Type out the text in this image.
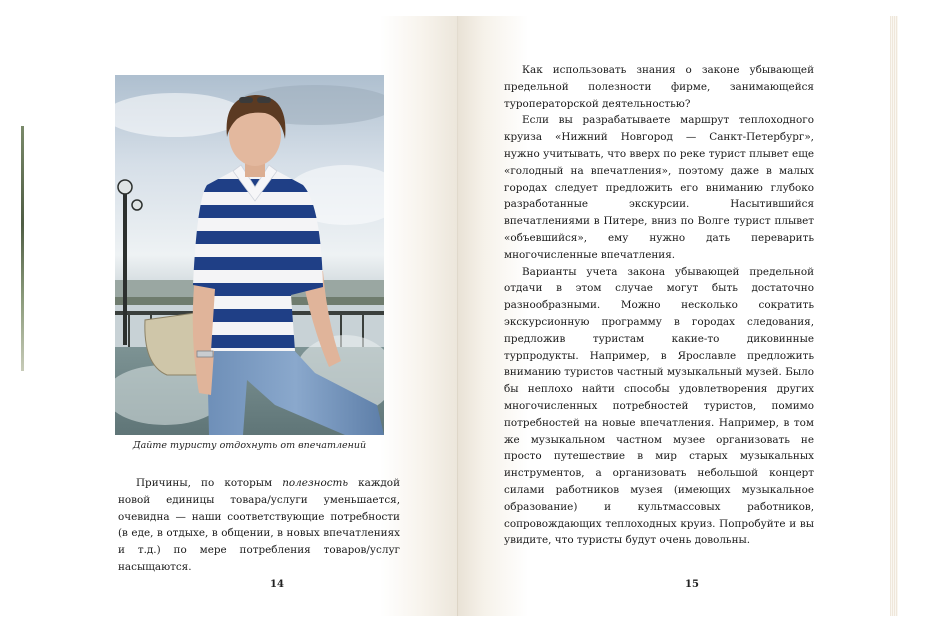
Дайте туристу отдохнуть от впечатлений

Причины, по которым полезность каждой новой единицы товара/услуги уменьшается, очевидна — наши соответствующие потребности (в еде, в отдыхе, в общении, в новых впечатлениях и т.д.) по мере потребления товаров/услуг насыщаются.

14	15

Как использовать знания о законе убывающей предельной полезности фирме, занимающейся туроператорской деятельностью?

Если вы разрабатываете маршрут теплоходного круиза «Нижний Новгород — Санкт-Петербург», нужно учитывать, что вверх по реке турист плывет еще «голодный на впечатления», поэтому даже в малых городах следует предложить его вниманию глубоко разработанные экскурсии. Насытившийся впечатлениями в Питере, вниз по Волге турист плывет «объевшийся», ему нужно дать переварить многочисленные впечатления.

Варианты учета закона убывающей предельной отдачи в этом случае могут быть достаточно разнообразными. Можно несколько сократить экскурсионную программу в городах следования, предложив туристам какие-то диковинные турпродукты. Например, в Ярославле предложить вниманию туристов частный музыкальный музей. Было бы неплохо найти способы удовлетворения других многочисленных потребностей туристов, помимо потребностей на новые впечатления. Например, в том же музыкальном частном музее организовать не просто путешествие в мир старых музыкальных инструментов, а организовать небольшой концерт силами работников музея (имеющих музыкальное образование) и культмассовых работников, сопровождающих теплоходных круиз. Попробуйте и вы увидите, что туристы будут очень довольны.
